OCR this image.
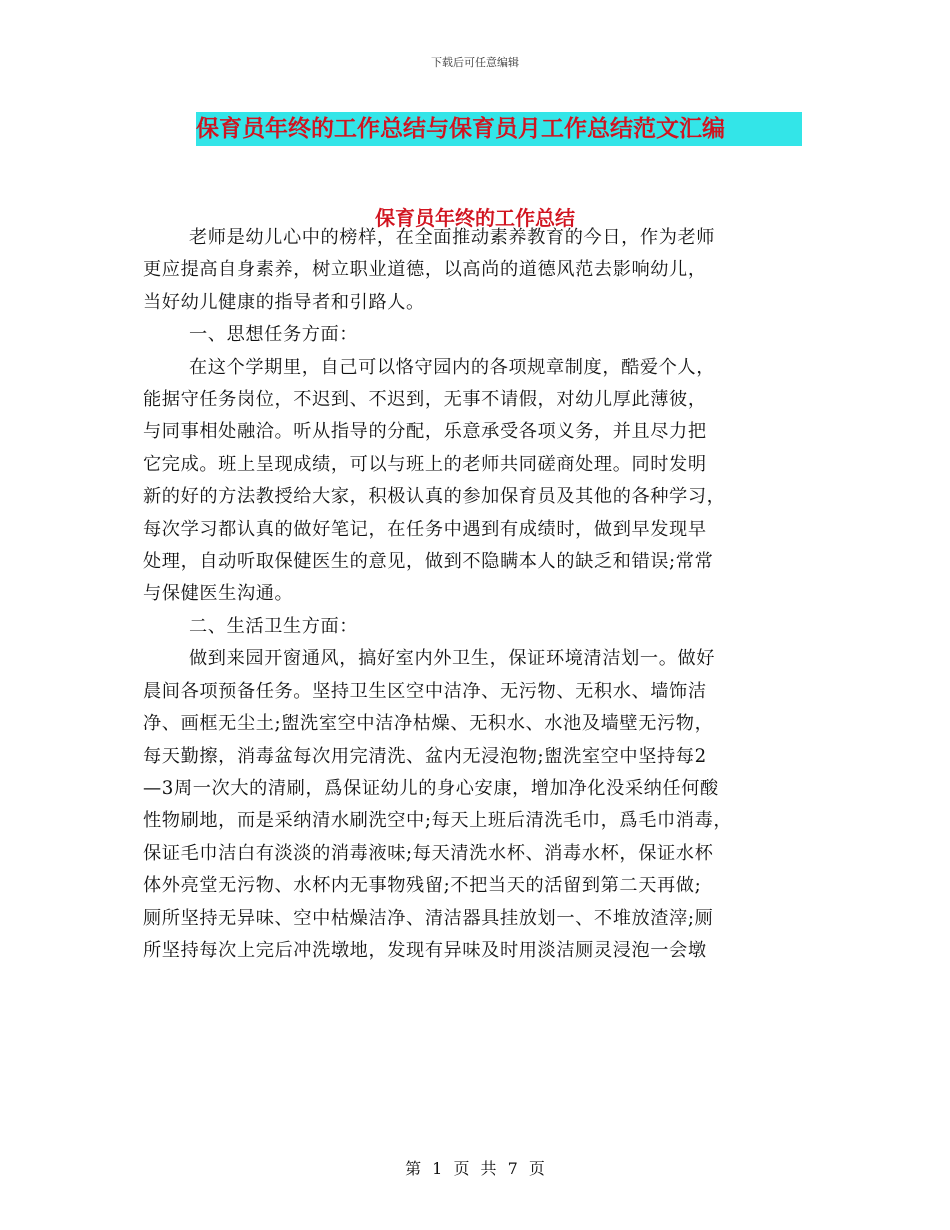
下载后可任意编辑
保育员年终的工作总结与保育员月工作总结范文汇编
保育员年终的工作总结
老师是幼儿心中的榜样，在全面推动素养教育的今日，作为老师
更应提高自身素养，树立职业道德，以高尚的道德风范去影响幼儿，
当好幼儿健康的指导者和引路人。
一、思想任务方面：
在这个学期里，自己可以恪守园内的各项规章制度，酷爱个人，
能据守任务岗位，不迟到、不迟到，无事不请假，对幼儿厚此薄彼，
与同事相处融洽。听从指导的分配，乐意承受各项义务，并且尽力把
它完成。班上呈现成绩，可以与班上的老师共同磋商处理。同时发明
新的好的方法教授给大家，积极认真的参加保育员及其他的各种学习，
每次学习都认真的做好笔记，在任务中遇到有成绩时，做到早发现早
处理，自动听取保健医生的意见，做到不隐瞒本人的缺乏和错误;常常
与保健医生沟通。
二、生活卫生方面：
做到来园开窗通风，搞好室内外卫生，保证环境清洁划一。做好
晨间各项预备任务。坚持卫生区空中洁净、无污物、无积水、墙饰洁
净、画框无尘土;盥洗室空中洁净枯燥、无积水、水池及墙壁无污物，
每天勤擦，消毒盆每次用完清洗、盆内无浸泡物;盥洗室空中坚持每2
—3周一次大的清刷，爲保证幼儿的身心安康，增加净化没采纳任何酸
性物刷地，而是采纳清水刷洗空中;每天上班后清洗毛巾，爲毛巾消毒，
保证毛巾洁白有淡淡的消毒液味;每天清洗水杯、消毒水杯，保证水杯
体外亮堂无污物、水杯内无事物残留;不把当天的活留到第二天再做;
厕所坚持无异味、空中枯燥洁净、清洁器具挂放划一、不堆放渣滓;厕
所坚持每次上完后冲洗墩地，发现有异味及时用淡洁厕灵浸泡一会墩
第 1 页 共 7 页
